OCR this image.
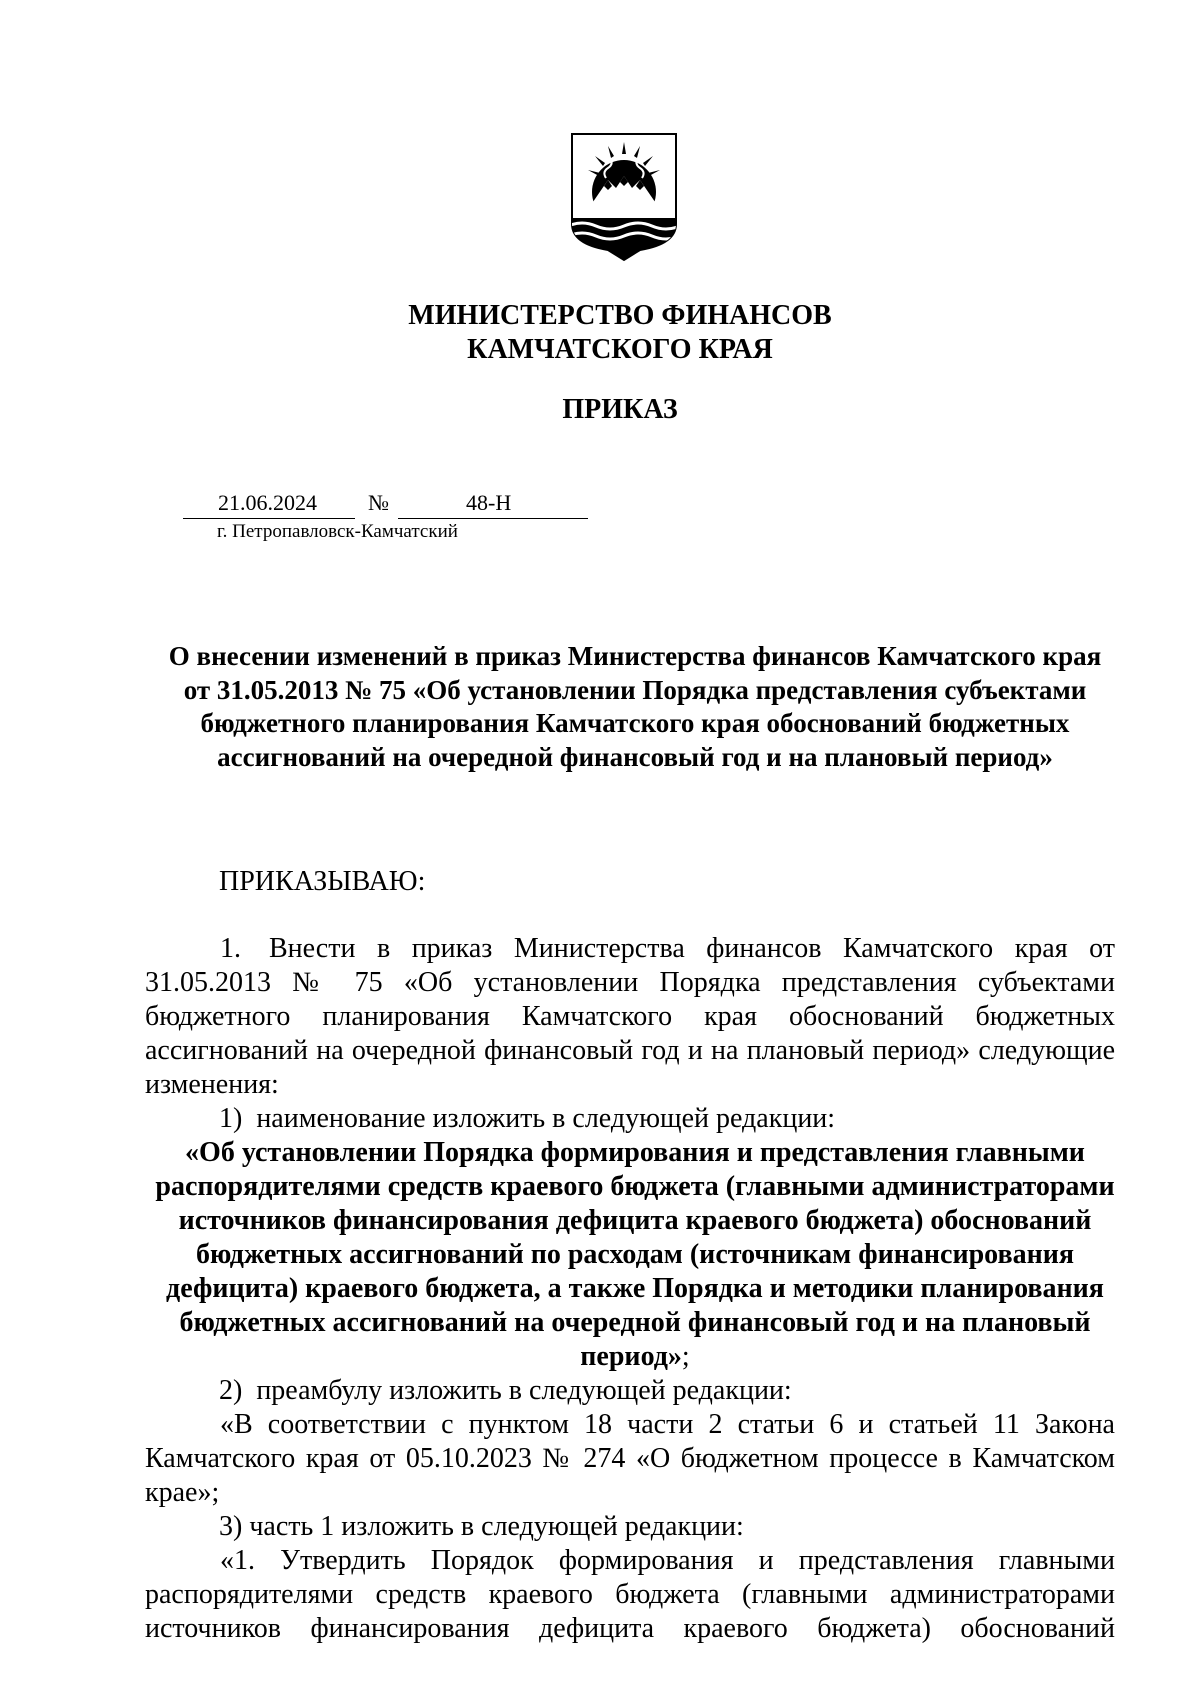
МИНИСТЕРСТВО ФИНАНСОВ
КАМЧАТСКОГО КРАЯ
ПРИКАЗ
21.06.2024 №	48-Н
г. Петропавловск-Камчатский
О внесении изменений в приказ Министерства финансов Камчатского края от 31.05.2013 № 75 «Об установлении Порядка представления субъектами бюджетного планирования Камчатского края обоснований бюджетных ассигнований на очередной финансовый год и на плановый период»
ПРИКАЗЫВАЮ:
1. Внести в приказ Министерства финансов Камчатского края от 31.05.2013 № 75 «Об установлении Порядка представления субъектами бюджетного планирования Камчатского края обоснований бюджетных ассигнований на очередной финансовый год и на плановый период» следующие изменения:
1) наименование изложить в следующей редакции:
«Об установлении Порядка формирования и представления главными распорядителями средств краевого бюджета (главными администраторами источников финансирования дефицита краевого бюджета) обоснований бюджетных ассигнований по расходам (источникам финансирования дефицита) краевого бюджета, а также Порядка и методики планирования бюджетных ассигнований на очередной финансовый год и на плановый период»;
2) преамбулу изложить в следующей редакции:
«В соответствии с пунктом 18 части 2 статьи 6 и статьей 11 Закона Камчатского края от 05.10.2023 № 274 «О бюджетном процессе в Камчатском крае»;
3) часть 1 изложить в следующей редакции:
«1. Утвердить Порядок формирования и представления главными распорядителями средств краевого бюджета (главными администраторами источников финансирования дефицита краевого бюджета) обоснований
